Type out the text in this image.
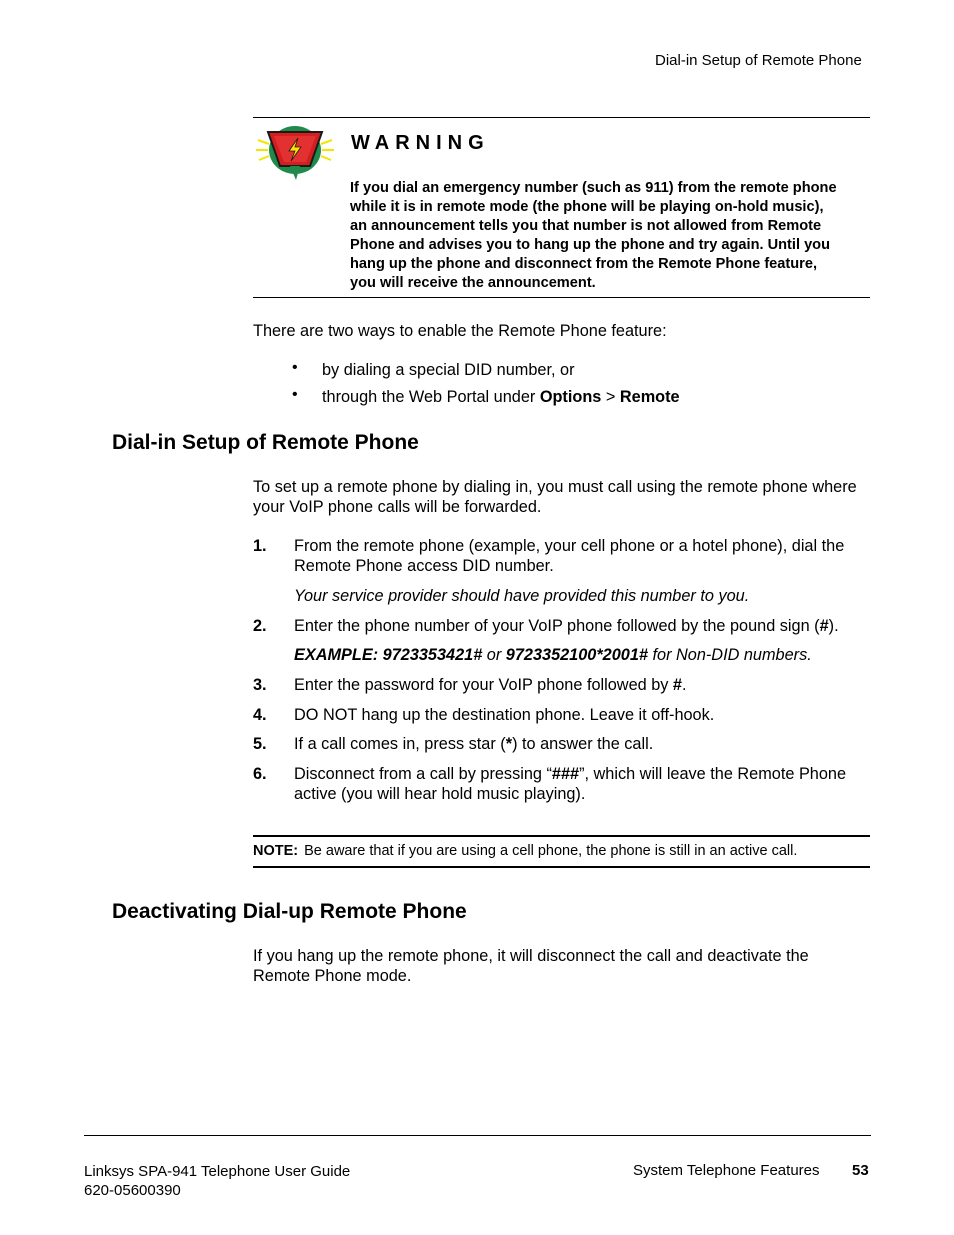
Dial-in Setup of Remote Phone
WARNING
If you dial an emergency number (such as 911) from the remote phone
while it is in remote mode (the phone will be playing on-hold music),
an announcement tells you that number is not allowed from Remote
Phone and advises you to hang up the phone and try again. Until you
hang up the phone and disconnect from the Remote Phone feature,
you will receive the announcement.
There are two ways to enable the Remote Phone feature:
• by dialing a special DID number, or
• through the Web Portal under Options > Remote
Dial-in Setup of Remote Phone
To set up a remote phone by dialing in, you must call using the remote phone where
your VoIP phone calls will be forwarded.
1. From the remote phone (example, your cell phone or a hotel phone), dial the
Remote Phone access DID number.
Your service provider should have provided this number to you.
2. Enter the phone number of your VoIP phone followed by the pound sign (#).
EXAMPLE: 9723353421# or 9723352100*2001# for Non-DID numbers.
3. Enter the password for your VoIP phone followed by #.
4. DO NOT hang up the destination phone. Leave it off-hook.
5. If a call comes in, press star (*) to answer the call.
6. Disconnect from a call by pressing “###”, which will leave the Remote Phone
active (you will hear hold music playing).
NOTE: Be aware that if you are using a cell phone, the phone is still in an active call.
Deactivating Dial-up Remote Phone
If you hang up the remote phone, it will disconnect the call and deactivate the
Remote Phone mode.
Linksys SPA-941 Telephone User Guide
620-05600390
System Telephone Features 53
